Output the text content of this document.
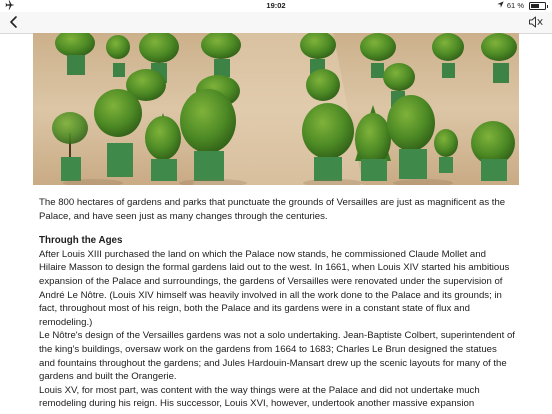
19:02	61 %

The 800 hectares of gardens and parks that punctuate the grounds of Versailles are just as magnificent as the Palace, and have seen just as many changes through the centuries.

Through the Ages

After Louis XIII purchased the land on which the Palace now stands, he commissioned Claude Mollet and Hilaire Masson to design the formal gardens laid out to the west. In 1661, when Louis XIV started his ambitious expansion of the Palace and surroundings, the gardens of Versailles were renovated under the supervision of André Le Nôtre. (Louis XIV himself was heavily involved in all the work done to the Palace and its grounds; in fact, throughout most of his reign, both the Palace and its gardens were in a constant state of flux and remodeling.)

Le Nôtre's design of the Versailles gardens was not a solo undertaking. Jean-Baptiste Colbert, superintendent of the king's buildings, oversaw work on the gardens from 1664 to 1683; Charles Le Brun designed the statues and fountains throughout the gardens; and Jules Hardouin-Mansart drew up the scenic layouts for many of the gardens and built the Orangerie.

Louis XV, for most part, was content with the way things were at the Palace and did not undertake much remodeling during his reign. His successor, Louis XVI, however, undertook another massive expansion
